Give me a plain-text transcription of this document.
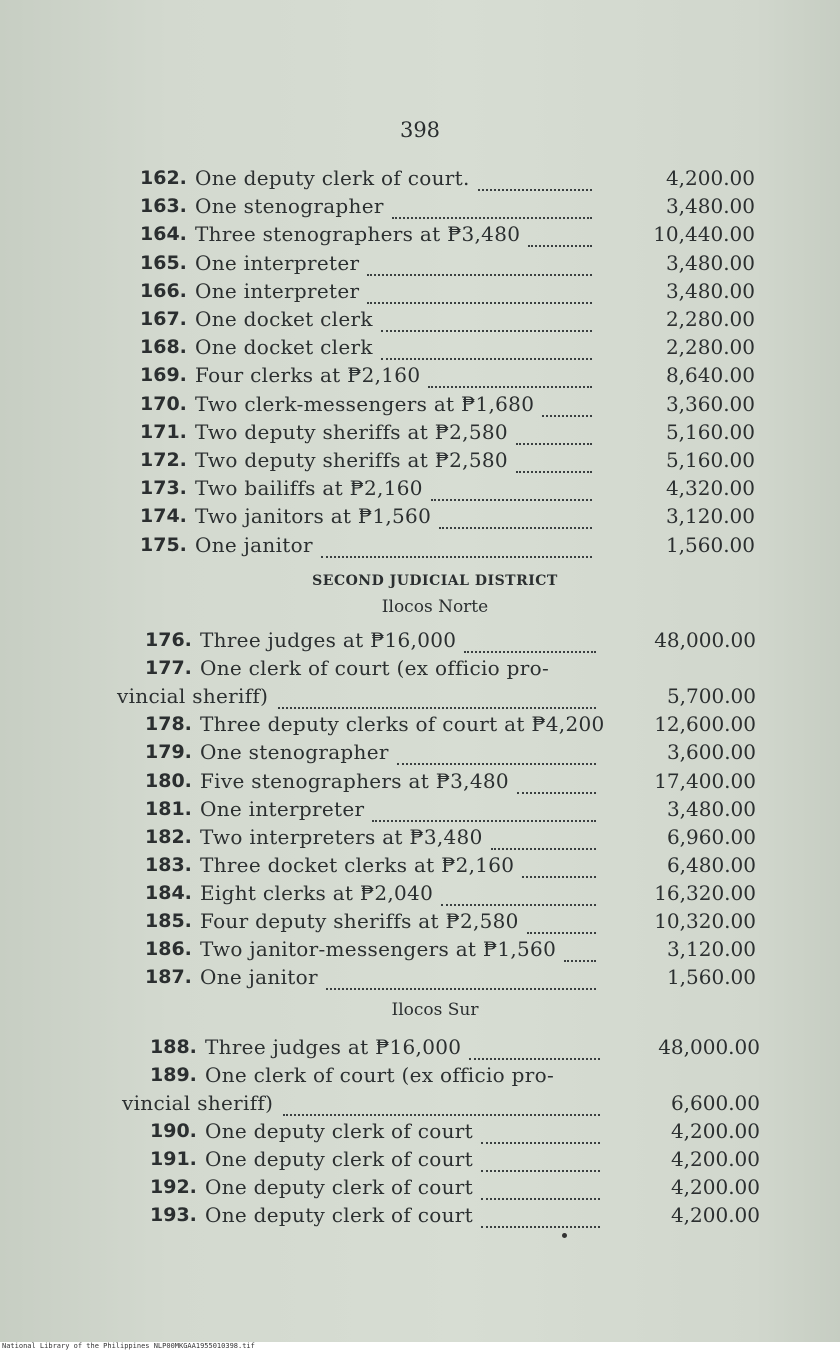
398
162. One deputy clerk of court.	4,200.00
163. One stenographer	3,480.00
164. Three stenographers at ₱3,480	10,440.00
165. One interpreter	3,480.00
166. One interpreter	3,480.00
167. One docket clerk	2,280.00
168. One docket clerk	2,280.00
169. Four clerks at ₱2,160	8,640.00
170. Two clerk-messengers at ₱1,680	3,360.00
171. Two deputy sheriffs at ₱2,580	5,160.00
172. Two deputy sheriffs at ₱2,580	5,160.00
173. Two bailiffs at ₱2,160	4,320.00
174. Two janitors at ₱1,560	3,120.00
175. One janitor	1,560.00
SECOND JUDICIAL DISTRICT
Ilocos Norte
176. Three judges at ₱16,000	48,000.00
177. One clerk of court (ex officio pro-
vincial sheriff)	5,700.00
178. Three deputy clerks of court at ₱4,200 12,600.00
179. One stenographer	3,600.00
180. Five stenographers at ₱3,480	17,400.00
181. One interpreter	3,480.00
182. Two interpreters at ₱3,480	6,960.00
183. Three docket clerks at ₱2,160	6,480.00
184. Eight clerks at ₱2,040	16,320.00
185. Four deputy sheriffs at ₱2,580	10,320.00
186. Two janitor-messengers at ₱1,560	3,120.00
187. One janitor	1,560.00
Ilocos Sur
188. Three judges at ₱16,000	48,000.00
189. One clerk of court (ex officio pro-
vincial sheriff)	6,600.00
190. One deputy clerk of court	4,200.00
191. One deputy clerk of court	4,200.00
192. One deputy clerk of court	4,200.00
193. One deputy clerk of court	4,200.00
National Library of the Philippines NLP00MKGAA1955010398.tif
